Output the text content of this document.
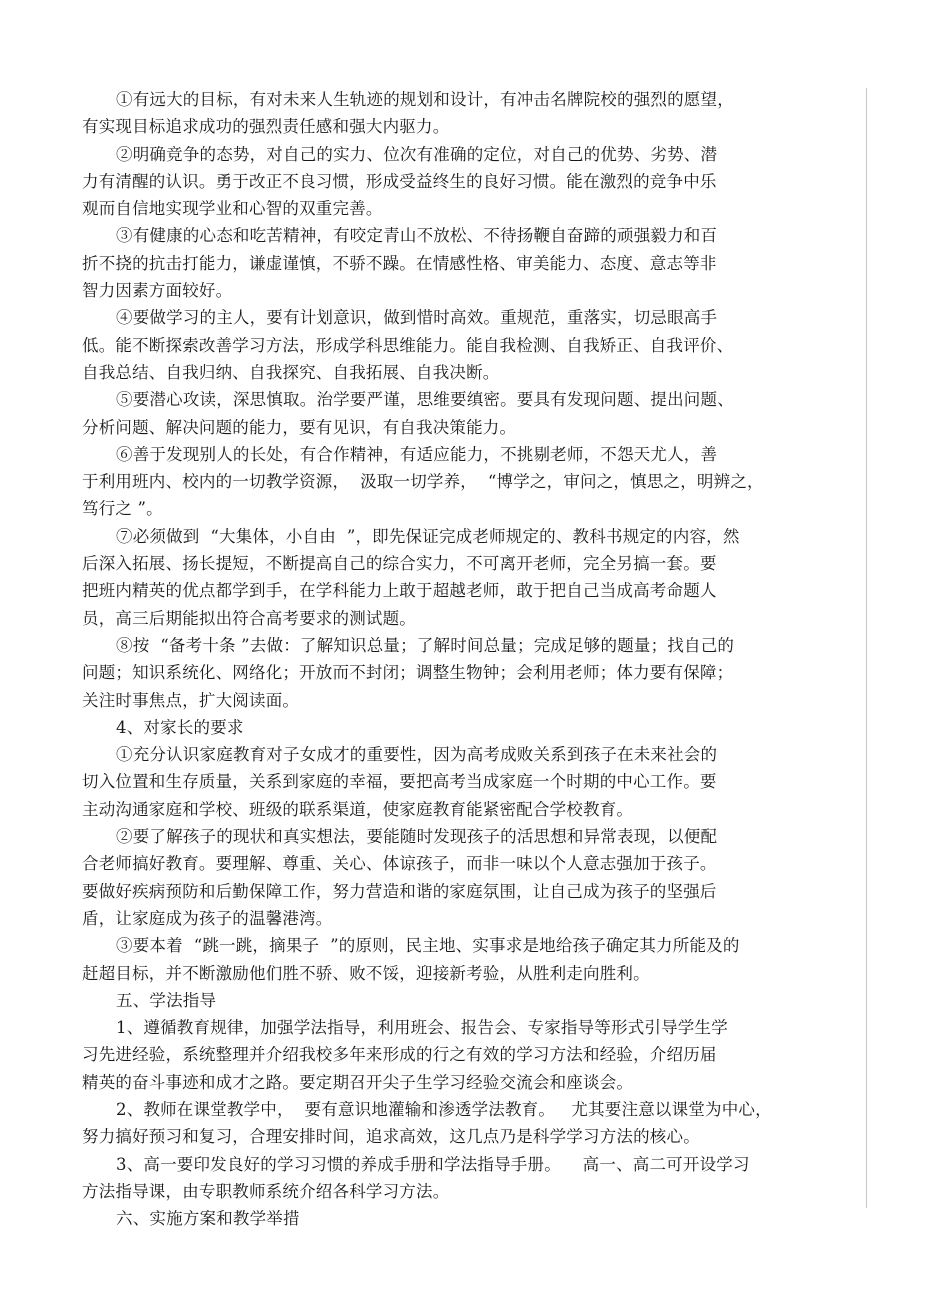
①有远大的目标，有对未来人生轨迹的规划和设计，有冲击名牌院校的强烈的愿望，
有实现目标追求成功的强烈责任感和强大内驱力。
②明确竞争的态势，对自己的实力、位次有准确的定位，对自己的优势、劣势、潜
力有清醒的认识。勇于改正不良习惯，形成受益终生的良好习惯。能在激烈的竞争中乐
观而自信地实现学业和心智的双重完善。
③有健康的心态和吃苦精神，有咬定青山不放松、不待扬鞭自奋蹄的顽强毅力和百
折不挠的抗击打能力，谦虚谨慎，不骄不躁。在情感性格、审美能力、态度、意志等非
智力因素方面较好。
④要做学习的主人，要有计划意识，做到惜时高效。重规范，重落实，切忌眼高手
低。能不断探索改善学习方法，形成学科思维能力。能自我检测、自我矫正、自我评价、
自我总结、自我归纳、自我探究、自我拓展、自我决断。
⑤要潜心攻读，深思慎取。治学要严谨，思维要缜密。要具有发现问题、提出问题、
分析问题、解决问题的能力，要有见识，有自我决策能力。
⑥善于发现别人的长处，有合作精神，有适应能力，不挑剔老师，不怨天尤人，善
于利用班内、校内的一切教学资源，  汲取一切学养，  “博学之，审问之，慎思之，明辨之，
笃行之 ”。
⑦必须做到  “大集体，小自由  ”，即先保证完成老师规定的、教科书规定的内容，然
后深入拓展、扬长提短，不断提高自己的综合实力，不可离开老师，完全另搞一套。要
把班内精英的优点都学到手，在学科能力上敢于超越老师，敢于把自己当成高考命题人
员，高三后期能拟出符合高考要求的测试题。
⑧按  “备考十条 ”去做：了解知识总量；了解时间总量；完成足够的题量；找自己的
问题；知识系统化、网络化；开放而不封闭；调整生物钟；会利用老师；体力要有保障；
关注时事焦点，扩大阅读面。
4、对家长的要求
①充分认识家庭教育对子女成才的重要性，因为高考成败关系到孩子在未来社会的
切入位置和生存质量，关系到家庭的幸福，要把高考当成家庭一个时期的中心工作。要
主动沟通家庭和学校、班级的联系渠道，使家庭教育能紧密配合学校教育。
②要了解孩子的现状和真实想法，要能随时发现孩子的活思想和异常表现，以便配
合老师搞好教育。要理解、尊重、关心、体谅孩子，而非一味以个人意志强加于孩子。
要做好疾病预防和后勤保障工作，努力营造和谐的家庭氛围，让自己成为孩子的坚强后
盾，让家庭成为孩子的温馨港湾。
③要本着  “跳一跳，摘果子  ”的原则，民主地、实事求是地给孩子确定其力所能及的
赶超目标，并不断激励他们胜不骄、败不馁，迎接新考验，从胜利走向胜利。
五、学法指导
1、遵循教育规律，加强学法指导，利用班会、报告会、专家指导等形式引导学生学
习先进经验，系统整理并介绍我校多年来形成的行之有效的学习方法和经验，介绍历届
精英的奋斗事迹和成才之路。要定期召开尖子生学习经验交流会和座谈会。
2、教师在课堂教学中，  要有意识地灌输和渗透学法教育。   尤其要注意以课堂为中心，
努力搞好预习和复习，合理安排时间，追求高效，这几点乃是科学学习方法的核心。
3、高一要印发良好的学习习惯的养成手册和学法指导手册。    高一、高二可开设学习
方法指导课，由专职教师系统介绍各科学习方法。
六、实施方案和教学举措
